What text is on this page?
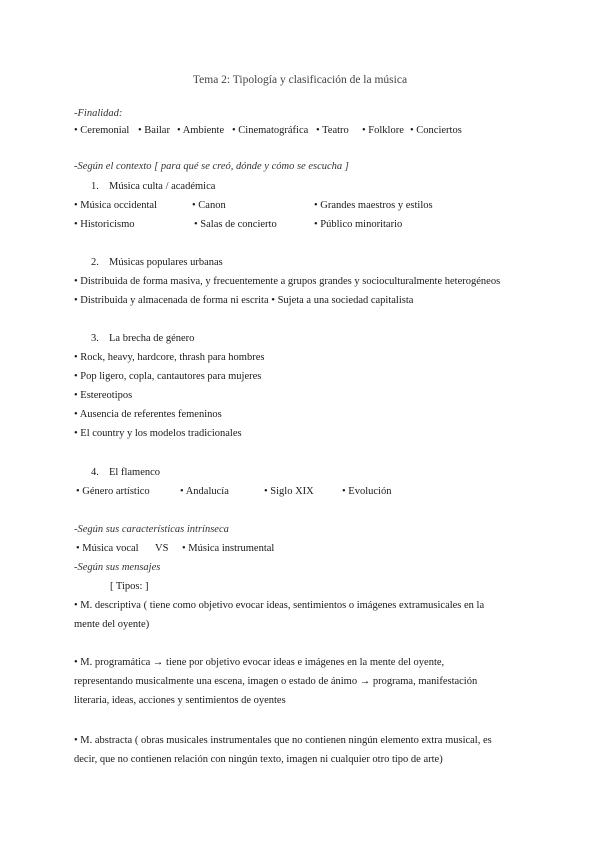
Tema 2: Tipología y clasificación de la música
-Finalidad:
• Ceremonial • Bailar • Ambiente • Cinematográfica • Teatro • Folklore • Conciertos
-Según el contexto [ para qué se creó, dónde y cómo se escucha ]
1. Música culta / académica
• Música occidental	• Canon	• Grandes maestros y estilos
• Historicismo	• Salas de concierto	• Público minoritario
2. Músicas populares urbanas
• Distribuida de forma masiva, y frecuentemente a grupos grandes y socioculturalmente heterogéneos
• Distribuida y almacenada de forma ni escrita • Sujeta a una sociedad capitalista
3. La brecha de género
• Rock, heavy, hardcore, thrash para hombres
• Pop ligero, copla, cantautores para mujeres
• Estereotipos
• Ausencia de referentes femeninos
• El country y los modelos tradicionales
4. El flamenco
• Género artístico	• Andalucía	• Siglo XIX	• Evolución
-Según sus características intrínseca
• Música vocal VS • Música instrumental
-Según sus mensajes
[ Tipos: ]
• M. descriptiva ( tiene como objetivo evocar ideas, sentimientos o imágenes extramusicales en la
mente del oyente)
• M. programática → tiene por objetivo evocar ideas e imágenes en la mente del oyente,
representando musicalmente una escena, imagen o estado de ánimo → programa, manifestación
literaria, ideas, acciones y sentimientos de oyentes
• M. abstracta ( obras musicales instrumentales que no contienen ningún elemento extra musical, es
decir, que no contienen relación con ningún texto, imagen ni cualquier otro tipo de arte)
